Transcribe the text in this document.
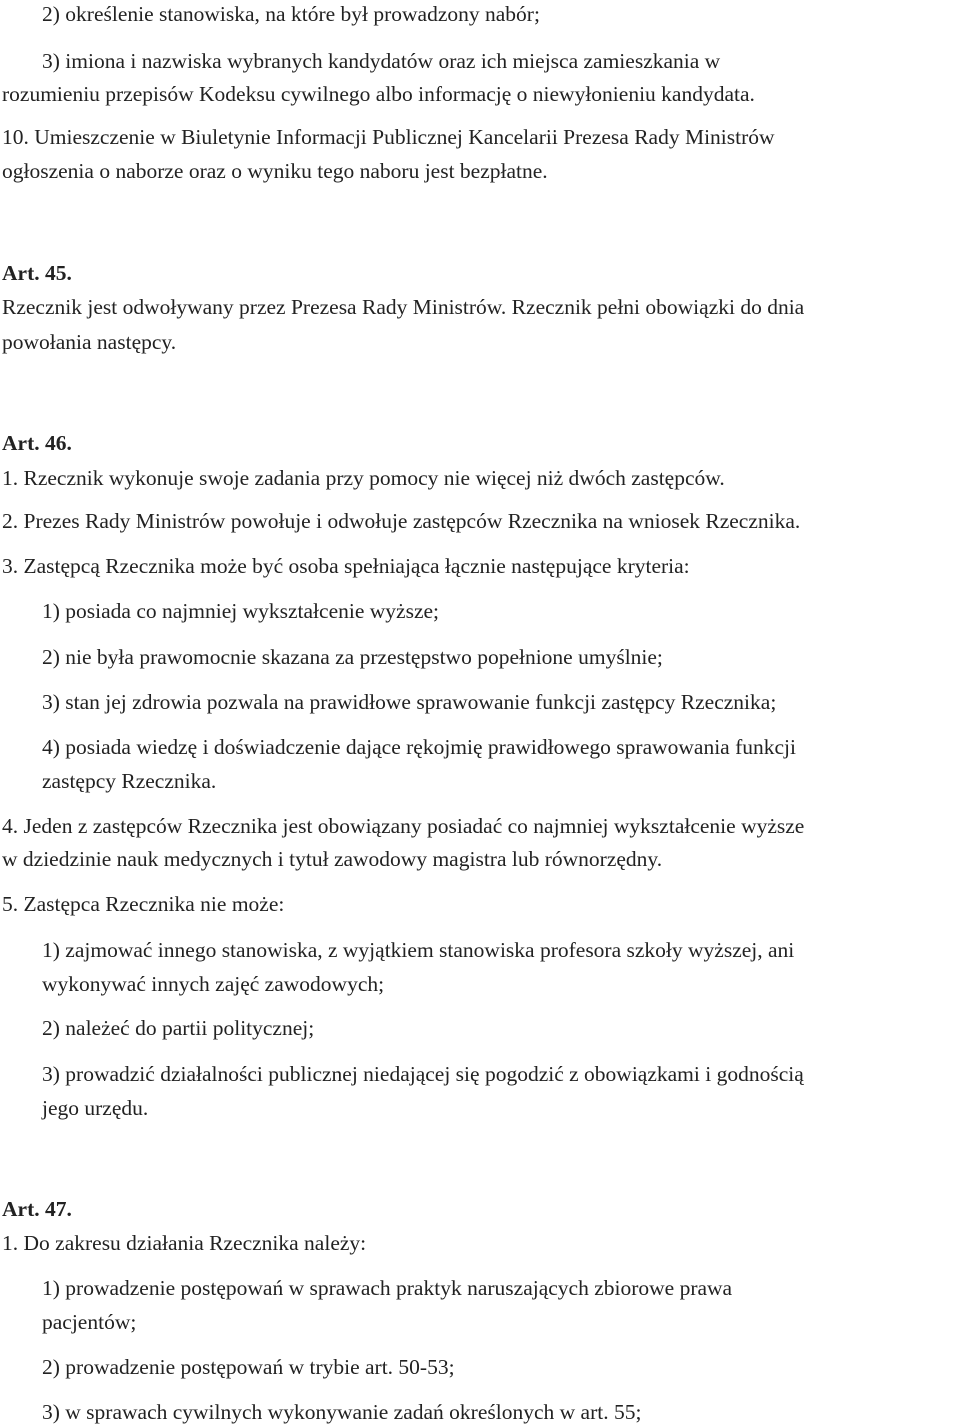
2) określenie stanowiska, na które był prowadzony nabór;
3) imiona i nazwiska wybranych kandydatów oraz ich miejsca zamieszkania w
rozumieniu przepisów Kodeksu cywilnego albo informację o niewyłonieniu kandydata.
10. Umieszczenie w Biuletynie Informacji Publicznej Kancelarii Prezesa Rady Ministrów
ogłoszenia o naborze oraz o wyniku tego naboru jest bezpłatne.
Art. 45.
Rzecznik jest odwoływany przez Prezesa Rady Ministrów. Rzecznik pełni obowiązki do dnia
powołania następcy.
Art. 46.
1. Rzecznik wykonuje swoje zadania przy pomocy nie więcej niż dwóch zastępców.
2. Prezes Rady Ministrów powołuje i odwołuje zastępców Rzecznika na wniosek Rzecznika.
3. Zastępcą Rzecznika może być osoba spełniająca łącznie następujące kryteria:
1) posiada co najmniej wykształcenie wyższe;
2) nie była prawomocnie skazana za przestępstwo popełnione umyślnie;
3) stan jej zdrowia pozwala na prawidłowe sprawowanie funkcji zastępcy Rzecznika;
4) posiada wiedzę i doświadczenie dające rękojmię prawidłowego sprawowania funkcji
zastępcy Rzecznika.
4. Jeden z zastępców Rzecznika jest obowiązany posiadać co najmniej wykształcenie wyższe
w dziedzinie nauk medycznych i tytuł zawodowy magistra lub równorzędny.
5. Zastępca Rzecznika nie może:
1) zajmować innego stanowiska, z wyjątkiem stanowiska profesora szkoły wyższej, ani
wykonywać innych zajęć zawodowych;
2) należeć do partii politycznej;
3) prowadzić działalności publicznej niedającej się pogodzić z obowiązkami i godnością
jego urzędu.
Art. 47.
1. Do zakresu działania Rzecznika należy:
1) prowadzenie postępowań w sprawach praktyk naruszających zbiorowe prawa
pacjentów;
2) prowadzenie postępowań w trybie art. 50-53;
3) w sprawach cywilnych wykonywanie zadań określonych w art. 55;
